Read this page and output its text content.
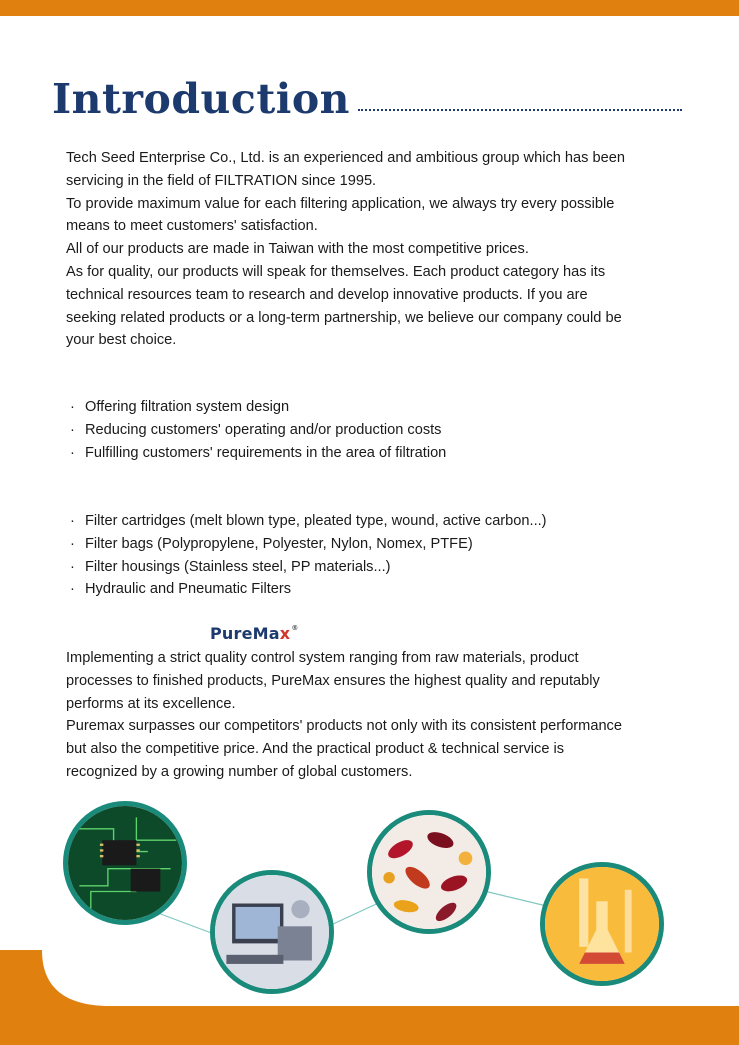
Introduction

Tech Seed Enterprise Co., Ltd. is an experienced and ambitious group which has been

servicing in the field of FILTRATION since 1995.

To provide maximum value for each filtering application, we always try every possible

means to meet customers' satisfaction.

All of our products are made in Taiwan with the most competitive prices.

As for quality, our products will speak for themselves. Each product category has its

technical resources team to research and develop innovative products. If you are

seeking related products or a long-term partnership, we believe our company could be

your best choice.

Target
· Offering filtration system design
· Reducing customers' operating and/or production costs
· Fulfilling customers' requirements in the area of filtration
Product
· Filter cartridges (melt blown type, pleated type, wound, active carbon...)
· Filter bags (Polypropylene, Polyester, Nylon, Nomex, PTFE)
· Filter housings (Stainless steel, PP materials...)
· Hydraulic and Pneumatic Filters
Brand Name	PureMax®

Implementing a strict quality control system ranging from raw materials, product

processes to finished products, PureMax ensures the highest quality and reputably

performs at its excellence.

Puremax surpasses our competitors' products not only with its consistent performance

but also the competitive price. And the practical product & technical service is

recognized by a growing number of global customers.
